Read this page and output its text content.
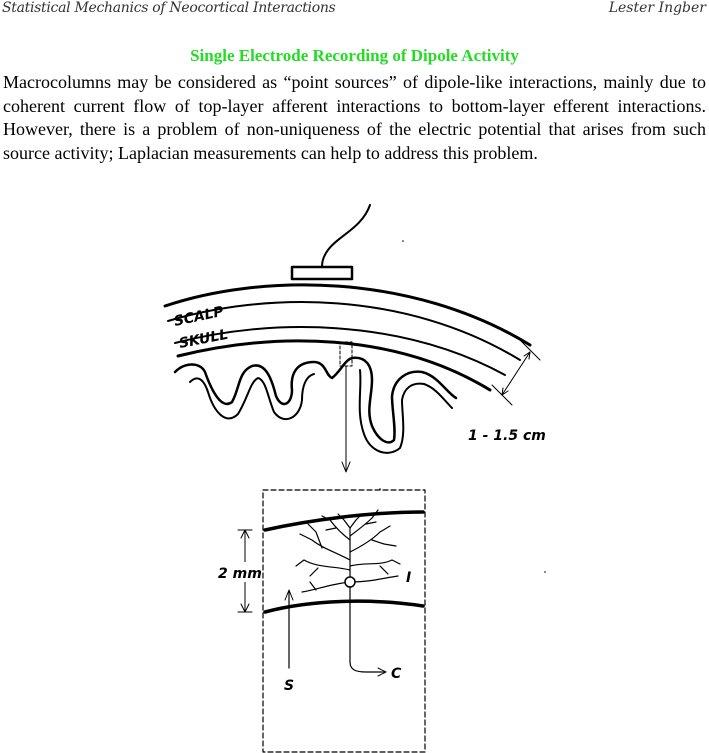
Statistical Mechanics of Neocortical Interactions	Lester Ingber
Single Electrode Recording of Dipole Activity
Macrocolumns may be considered as “point sources” of dipole-like interactions, mainly due to coherent current flow of top-layer afferent interactions to bottom-layer efferent interactions. However, there is a problem of non-uniqueness of the electric potential that arises from such source activity; Laplacian measurements can help to address this problem.
SCALP
SKULL
1 - 1.5 cm
2 mm	I
S
C
